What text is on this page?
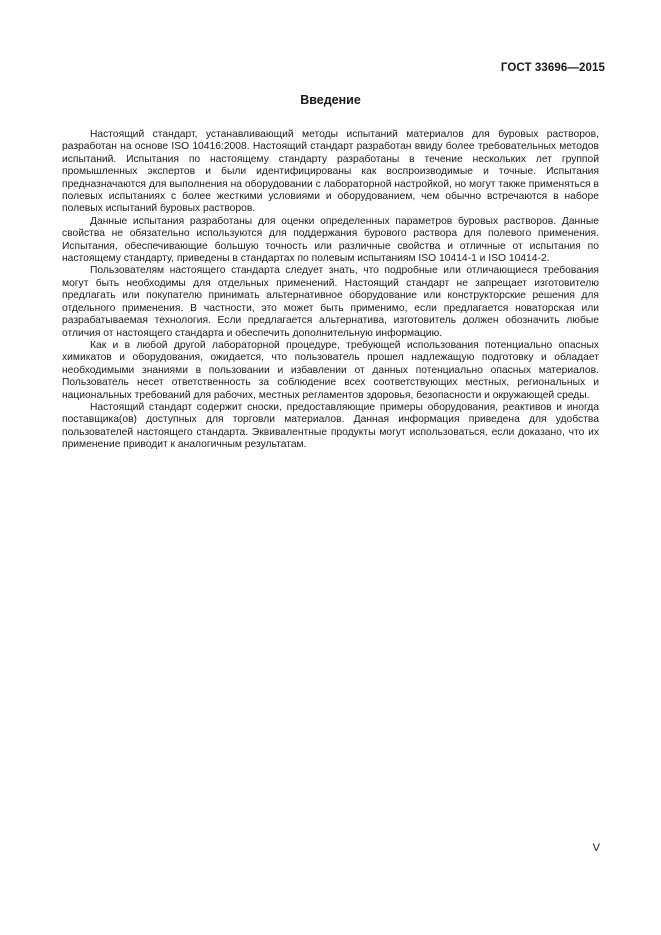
ГОСТ 33696—2015
Введение

Настоящий стандарт, устанавливающий методы испытаний материалов для буровых растворов, разработан на основе ISO 10416:2008. Настоящий стандарт разработан ввиду более требовательных методов испытаний. Испытания по настоящему стандарту разработаны в течение нескольких лет группой промышленных экспертов и были идентифицированы как воспроизводимые и точные. Испытания предназначаются для выполнения на оборудовании с лабораторной настройкой, но могут также применяться в полевых испытаниях с более жесткими условиями и оборудованием, чем обычно встречаются в наборе полевых испытаний буровых растворов.

Данные испытания разработаны для оценки определенных параметров буровых растворов. Данные свойства не обязательно используются для поддержания бурового раствора для полевого применения. Испытания, обеспечивающие большую точность или различные свойства и отличные от испытания по настоящему стандарту, приведены в стандартах по полевым испытаниям ISO 10414-1 и ISO 10414-2.

Пользователям настоящего стандарта следует знать, что подробные или отличающиеся требования могут быть необходимы для отдельных применений. Настоящий стандарт не запрещает изготовителю предлагать или покупателю принимать альтернативное оборудование или конструкторские решения для отдельного применения. В частности, это может быть применимо, если предлагается новаторская или разрабатываемая технология. Если предлагается альтернатива, изготовитель должен обозначить любые отличия от настоящего стандарта и обеспечить дополнительную информацию.

Как и в любой другой лабораторной процедуре, требующей использования потенциально опасных химикатов и оборудования, ожидается, что пользователь прошел надлежащую подготовку и обладает необходимыми знаниями в пользовании и избавлении от данных потенциально опасных материалов. Пользователь несет ответственность за соблюдение всех соответствующих местных, региональных и национальных требований для рабочих, местных регламентов здоровья, безопасности и окружающей среды.

Настоящий стандарт содержит сноски, предоставляющие примеры оборудования, реактивов и иногда поставщика(ов) доступных для торговли материалов. Данная информация приведена для удобства пользователей настоящего стандарта. Эквивалентные продукты могут использоваться, если доказано, что их применение приводит к аналогичным результатам.

V
